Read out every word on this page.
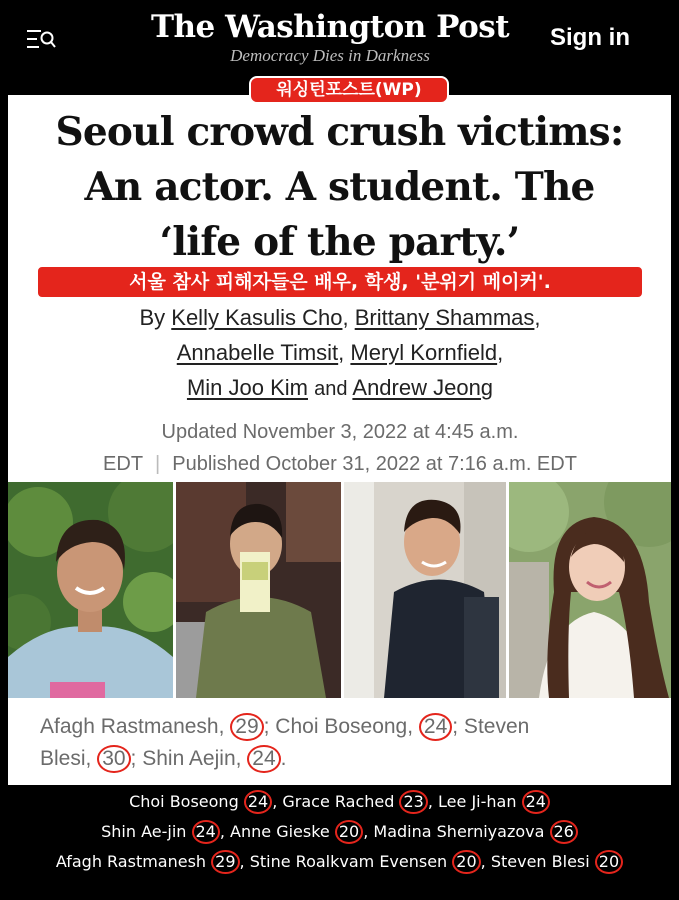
The Washington Post
Democracy Dies in Darkness
Sign in
Seoul crowd crush victims:
An actor. A student. The
‘life of the party.’
워싱턴포스트(WP)
서울 참사 피해자들은 배우, 학생, '분위기 메이커'.
By Kelly Kasulis Cho, Brittany Shammas,
Annabelle Timsit, Meryl Kornfield,
Min Joo Kim and Andrew Jeong
Updated November 3, 2022 at 4:45 a.m.
EDT | Published October 31, 2022 at 7:16 a.m. EDT
Afagh Rastmanesh, 29 ; Choi Boseong, 24 ; Steven
Blesi, 30 ; Shin Aejin, 24 .
Choi Boseong 24 , Grace Rached 23 , Lee Ji-han 24
Shin Ae-jin 24 , Anne Gieske 20 , Madina Sherniyazova 26
Afagh Rastmanesh 29 , Stine Roalkvam Evensen 20 , Steven Blesi 20
